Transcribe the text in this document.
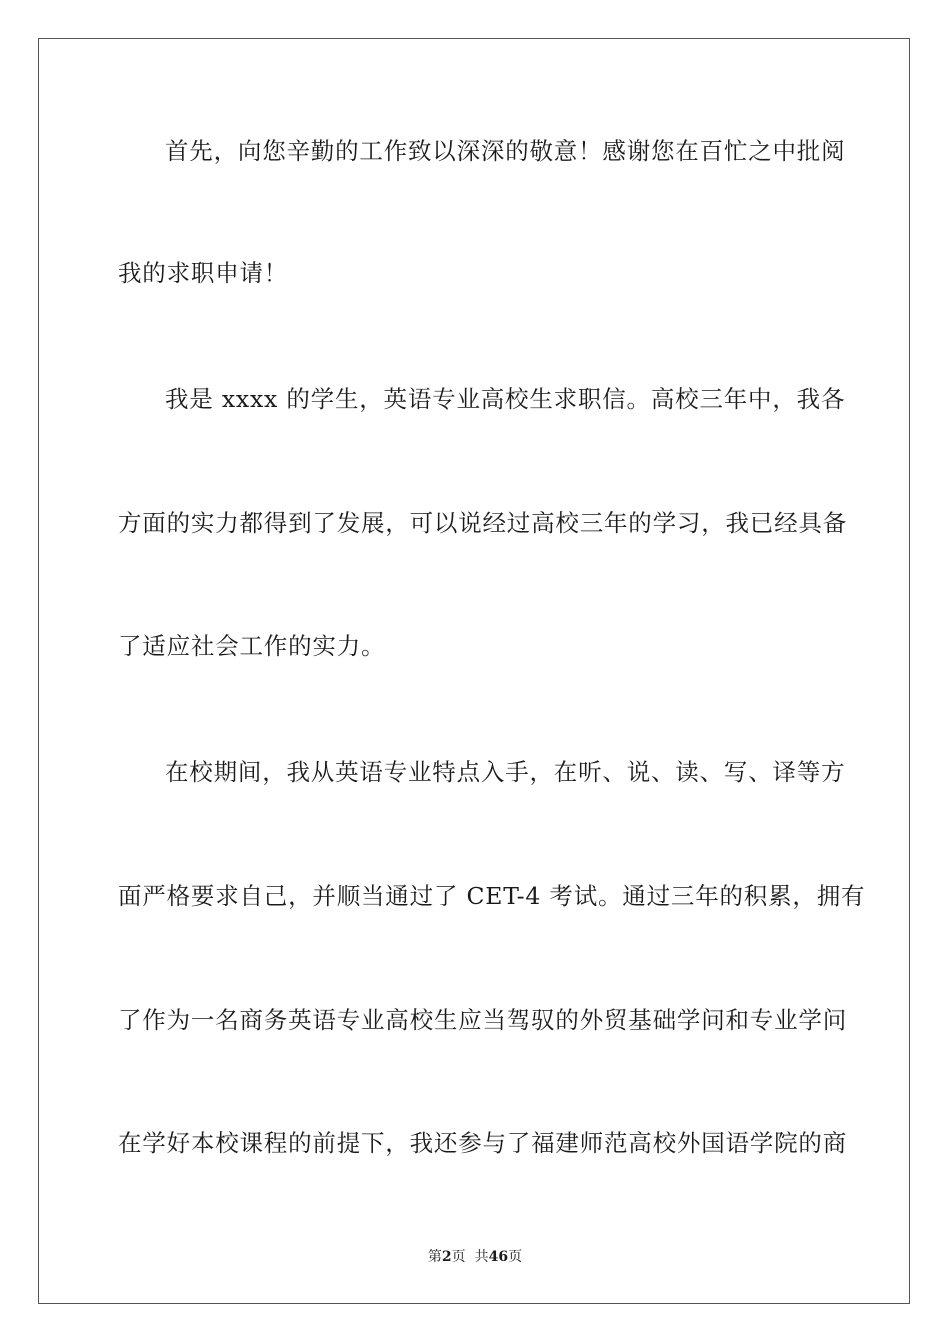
首先，向您辛勤的工作致以深深的敬意！感谢您在百忙之中批阅
我的求职申请！
我是 xxxx 的学生，英语专业高校生求职信。高校三年中，我各
方面的实力都得到了发展，可以说经过高校三年的学习，我已经具备
了适应社会工作的实力。
在校期间，我从英语专业特点入手，在听、说、读、写、译等方
面严格要求自己，并顺当通过了 CET-4 考试。通过三年的积累，拥有
了作为一名商务英语专业高校生应当驾驭的外贸基础学问和专业学问
在学好本校课程的前提下，我还参与了福建师范高校外国语学院的商
第2页  共46页
